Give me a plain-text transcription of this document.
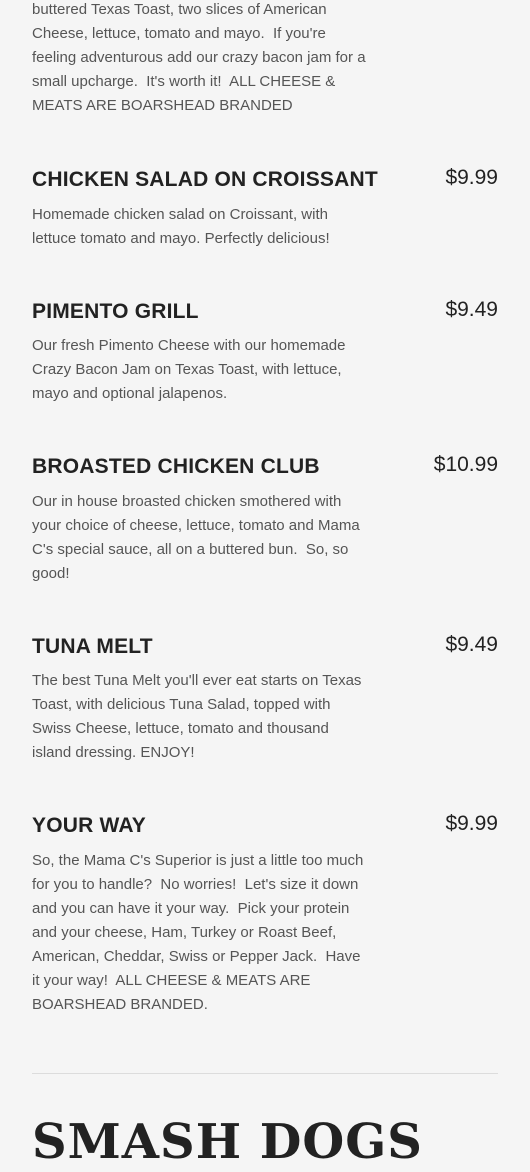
buttered Texas Toast, two slices of American Cheese, lettuce, tomato and mayo.  If you're feeling adventurous add our crazy bacon jam for a small upcharge.  It's worth it!  ALL CHEESE & MEATS ARE BOARSHEAD BRANDED

CHICKEN SALAD ON CROISSANT	$9.99

Homemade chicken salad on Croissant, with lettuce tomato and mayo. Perfectly delicious!

PIMENTO GRILL	$9.49

Our fresh Pimento Cheese with our homemade Crazy Bacon Jam on Texas Toast, with lettuce, mayo and optional jalapenos.

BROASTED CHICKEN CLUB	$10.99

Our in house broasted chicken smothered with your choice of cheese, lettuce, tomato and Mama C's special sauce, all on a buttered bun.  So, so good!

TUNA MELT	$9.49

The best Tuna Melt you'll ever eat starts on Texas Toast, with delicious Tuna Salad, topped with Swiss Cheese, lettuce, tomato and thousand island dressing. ENJOY!

YOUR WAY	$9.99

So, the Mama C's Superior is just a little too much for you to handle?  No worries!  Let's size it down and you can have it your way.  Pick your protein and your cheese, Ham, Turkey or Roast Beef, American, Cheddar, Swiss or Pepper Jack.  Have it your way!  ALL CHEESE & MEATS ARE BOARSHEAD BRANDED.

SMASH DOGS
